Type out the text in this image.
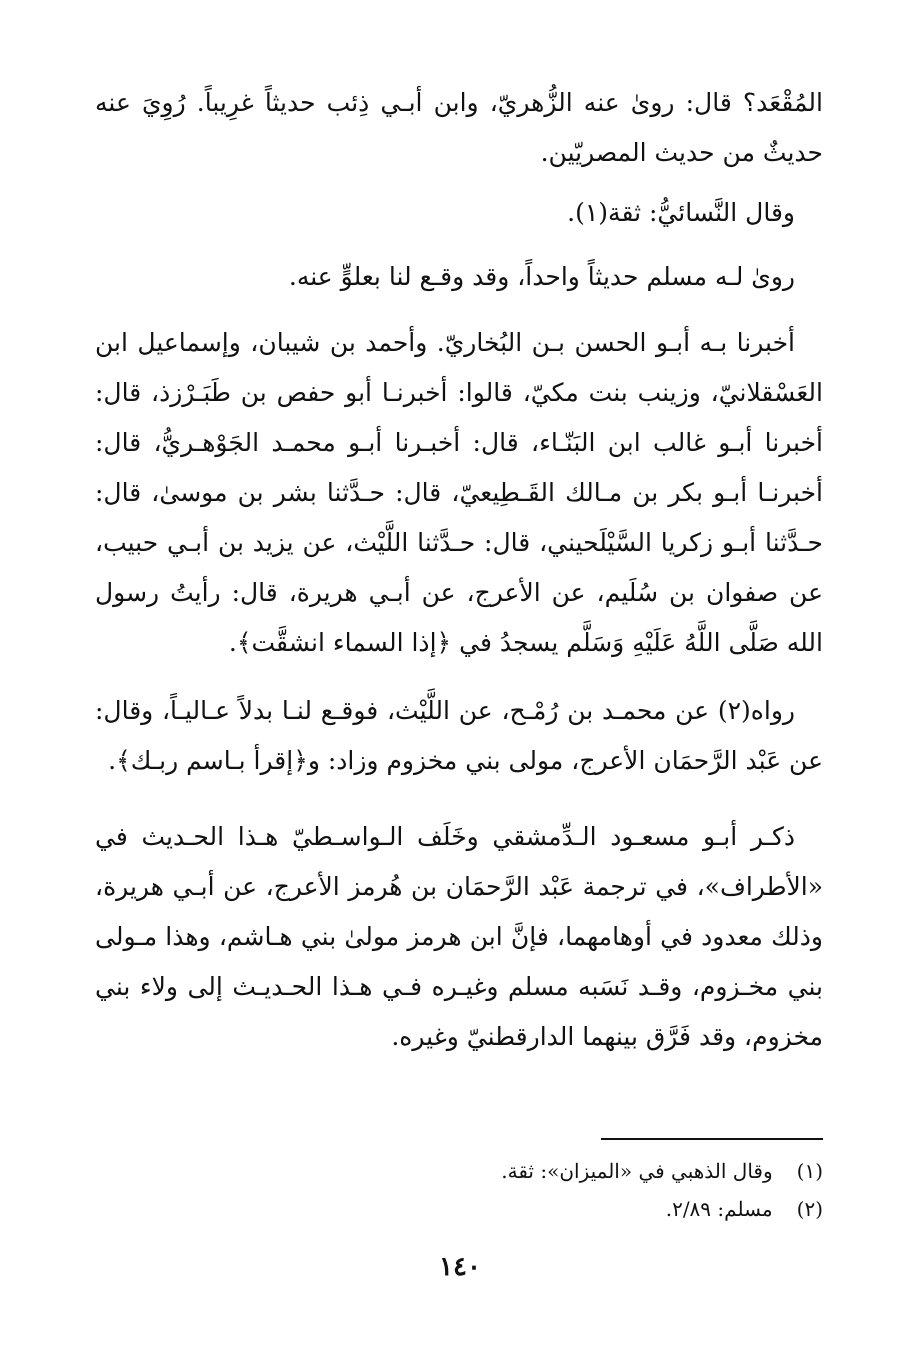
المُقْعَد؟ قال: روىٰ عنه الزُّهريّ، وابن أبـي ذِئب حديثاً غرِيباً. رُوِيَ عنه حديثٌ من حديث المصريّين.

وقال النَّسائيُّ: ثقة(١).

روىٰ لـه مسلم حديثاً واحداً، وقد وقـع لنا بعلوٍّ عنه.

أخبرنا بـه أبـو الحسن بـن البُخاريّ. وأحمد بن شيبان، وإسماعيل ابن العَسْقلانيّ، وزينب بنت مكيّ، قالوا: أخبرنـا أبو حفص بن طَبَـرْزذ، قال: أخبرنا أبـو غالب ابن البَنّـاء، قال: أخبـرنا أبـو محمـد الجَوْهـريُّ، قال: أخبرنـا أبـو بكر بن مـالك القَـطِيعيّ، قال: حـدَّثنا بشر بن موسىٰ، قال: حـدَّثنا أبـو زكريا السَّيْلَحيني، قال: حـدَّثنا اللَّيْث، عن يزيد بن أبـي حبيب، عن صفوان بن سُلَيم، عن الأعرج، عن أبـي هريرة، قال: رأيتُ رسول الله صَلَّى اللَّهُ عَلَيْهِ وَسَلَّم يسجدُ في ﴿إذا السماء انشقَّت﴾.

رواه(٢) عن محمـد بن رُمْـح، عن اللَّيْث، فوقـع لنـا بدلاً عـاليـاً، وقال: عن عَبْد الرَّحمَان الأعرج، مولى بني مخزوم وزاد: و﴿إقرأ بـاسم ربـك﴾.

ذكـر أبـو مسعـود الـدِّمشقي وخَلَف الـواسـطيّ هـذا الحـديث في «الأطراف»، في ترجمة عَبْد الرَّحمَان بن هُرمز الأعرج، عن أبـي هريرة، وذلك معدود في أوهامهما، فإنَّ ابن هرمز مولىٰ بني هـاشم، وهذا مـولى بني مخـزوم، وقـد نَسَبه مسلم وغيـره فـي هـذا الحـديـث إلى ولاء بني مخزوم، وقد فَرَّق بينهما الدارقطنيّ وغيره.

(١) وقال الذهبي في «الميزان»: ثقة.
(٢) مسلم: ٢/٨٩.
١٤٠
